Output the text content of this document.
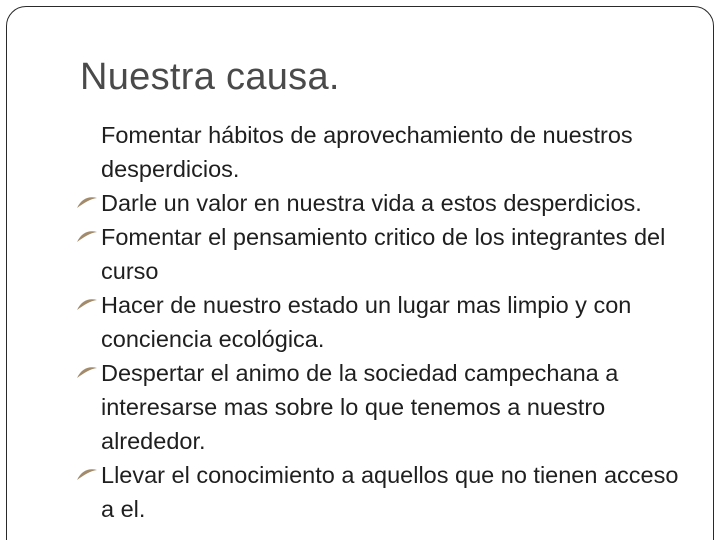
Nuestra causa.
Fomentar hábitos de aprovechamiento de nuestros desperdicios.
Darle un valor en nuestra vida a estos desperdicios.
Fomentar el pensamiento critico de los integrantes del curso
Hacer de nuestro estado un lugar mas limpio y con conciencia ecológica.
Despertar el animo de la sociedad campechana a interesarse mas sobre lo que tenemos a nuestro alrededor.
Llevar el conocimiento a aquellos que no tienen acceso a el.
